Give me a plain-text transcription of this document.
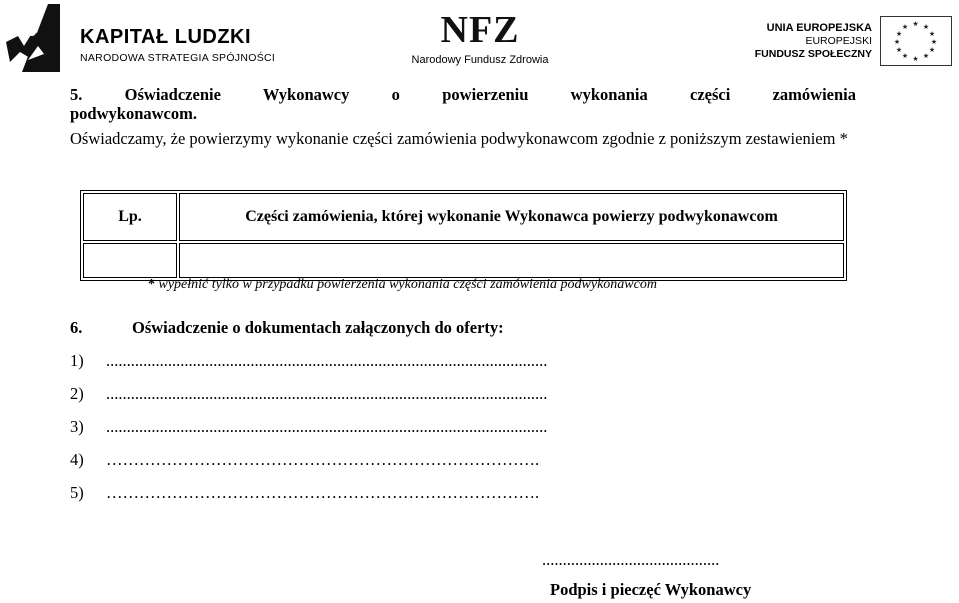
KAPITAŁ LUDZKI
NARODOWA STRATEGIA SPÓJNOŚCI
NFZ
Narodowy Fundusz Zdrowia
UNIA EUROPEJSKA
EUROPEJSKI
FUNDUSZ SPOŁECZNY
★ ★
★
★
★
★
★
★
★
★
★
★
5. Oświadczenie Wykonawcy o powierzeniu wykonania części zamówienia
podwykonawcom.
Oświadczamy, że powierzymy wykonanie części zamówienia podwykonawcom zgodnie z poniższym zestawieniem *
Lp.	Części zamówienia, której wykonanie Wykonawca powierzy podwykonawcom

* wypełnić tylko w przypadku powierzenia wykonania części zamówienia podwykonawcom
6.	Oświadczenie o dokumentach załączonych do oferty:
1) ...........................................................................................................
2) ...........................................................................................................
3) ...........................................................................................................
4) …………………………………………………………………….
5) …………………………………………………………………….
...........................................
Podpis i pieczęć Wykonawcy
